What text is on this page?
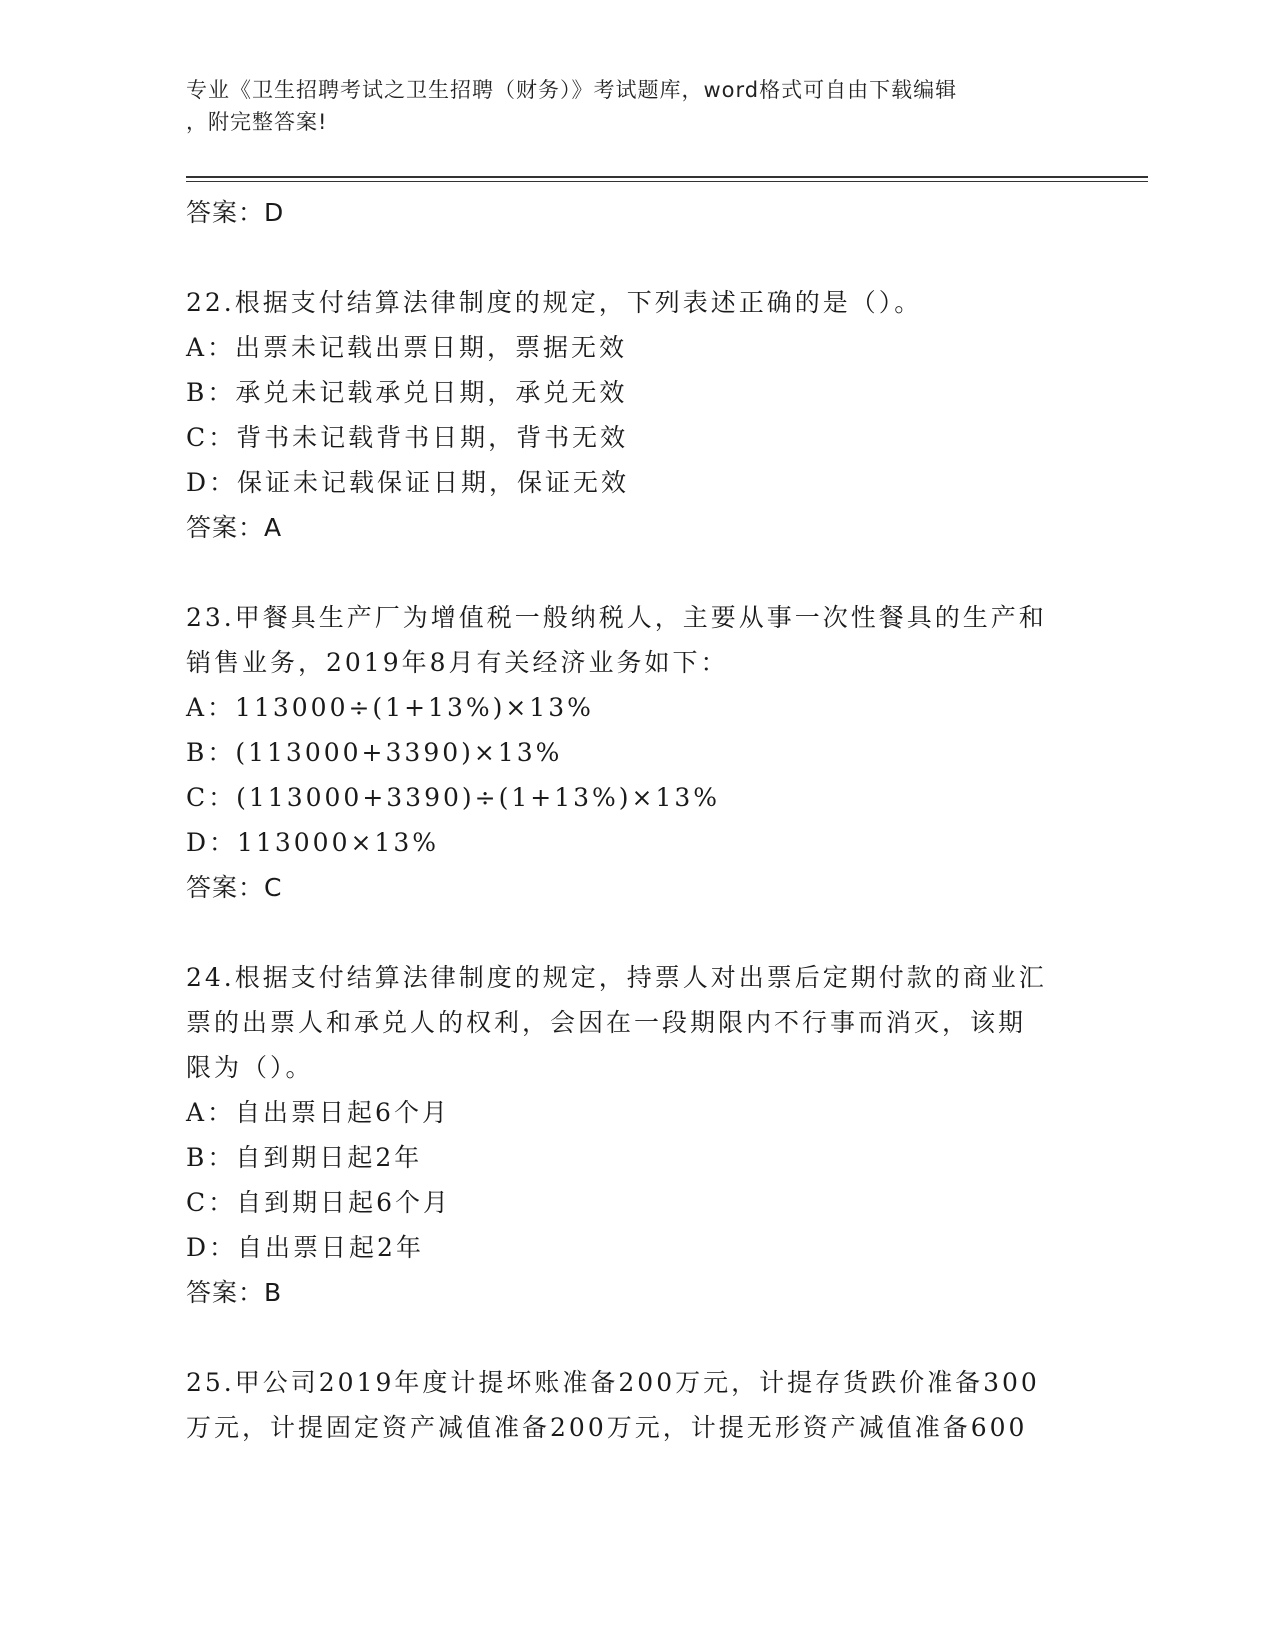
专业《卫生招聘考试之卫生招聘（财务）》考试题库，word格式可自由下载编辑
，附完整答案!
答案：D
22.根据支付结算法律制度的规定，下列表述正确的是（）。
A：出票未记载出票日期，票据无效
B：承兑未记载承兑日期，承兑无效
C：背书未记载背书日期，背书无效
D：保证未记载保证日期，保证无效
答案：A
23.甲餐具生产厂为增值税一般纳税人，主要从事一次性餐具的生产和
销售业务，2019年8月有关经济业务如下：
A：113000÷(1+13%)×13%
B：(113000+3390)×13%
C：(113000+3390)÷(1+13%)×13%
D：113000×13%
答案：C
24.根据支付结算法律制度的规定，持票人对出票后定期付款的商业汇
票的出票人和承兑人的权利，会因在一段期限内不行事而消灭，该期
限为（）。
A：自出票日起6个月
B：自到期日起2年
C：自到期日起6个月
D：自出票日起2年
答案：B
25.甲公司2019年度计提坏账准备200万元，计提存货跌价准备300
万元，计提固定资产减值准备200万元，计提无形资产减值准备600
